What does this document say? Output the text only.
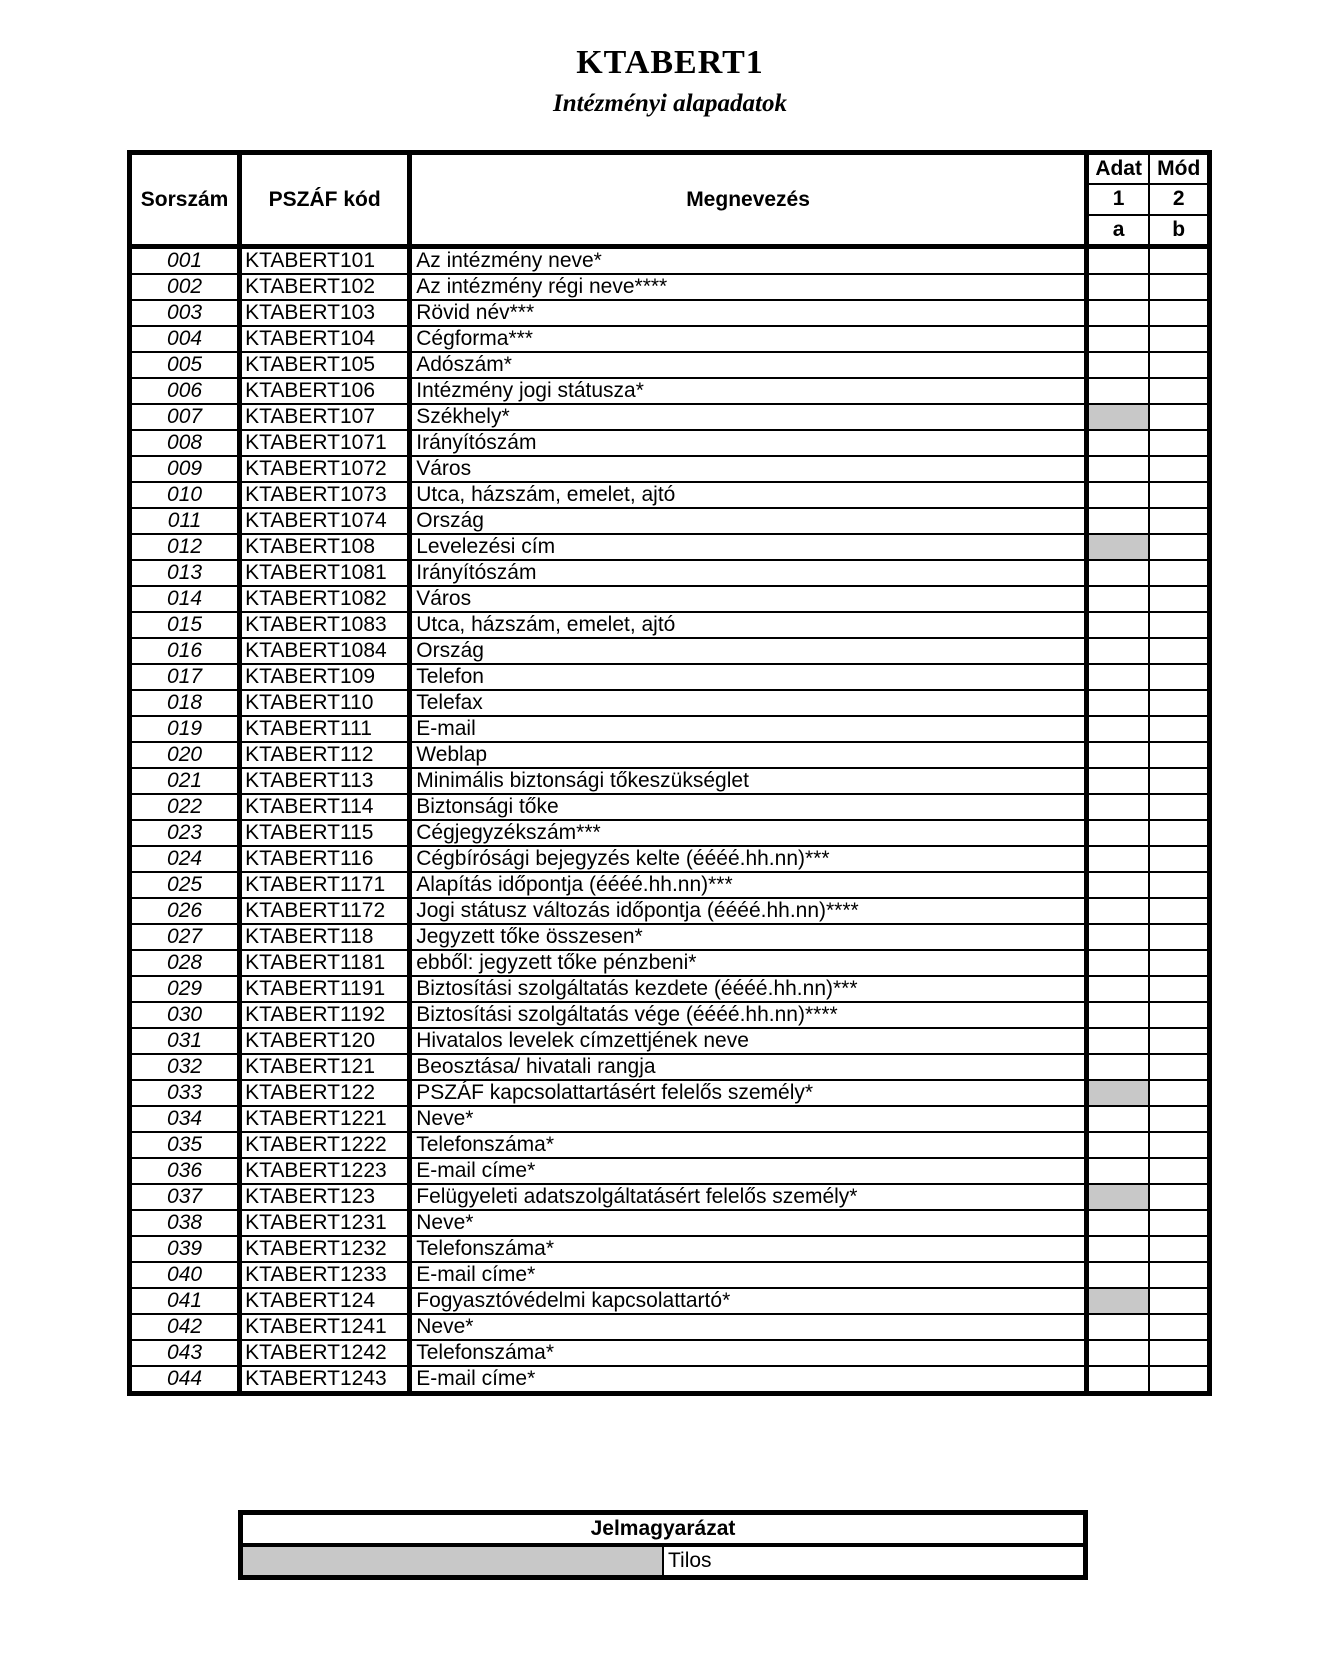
KTABERT1
Intézményi alapadatok
Sorszám	PSZÁF kód	Megnevezés	Adat	Mód
			1	2
			a	b
001	KTABERT101	Az intézmény neve*		
002	KTABERT102	Az intézmény régi neve****		
003	KTABERT103	Rövid név***		
004	KTABERT104	Cégforma***		
005	KTABERT105	Adószám*		
006	KTABERT106	Intézmény jogi státusza*		
007	KTABERT107	Székhely*		
008	KTABERT1071	Irányítószám		
009	KTABERT1072	Város		
010	KTABERT1073	Utca, házszám, emelet, ajtó		
011	KTABERT1074	Ország		
012	KTABERT108	Levelezési cím		
013	KTABERT1081	Irányítószám		
014	KTABERT1082	Város		
015	KTABERT1083	Utca, házszám, emelet, ajtó		
016	KTABERT1084	Ország		
017	KTABERT109	Telefon		
018	KTABERT110	Telefax		
019	KTABERT111	E-mail		
020	KTABERT112	Weblap		
021	KTABERT113	Minimális biztonsági tőkeszükséglet		
022	KTABERT114	Biztonsági tőke		
023	KTABERT115	Cégjegyzékszám***		
024	KTABERT116	Cégbírósági bejegyzés kelte (éééé.hh.nn)***		
025	KTABERT1171	Alapítás időpontja (éééé.hh.nn)***		
026	KTABERT1172	Jogi státusz változás időpontja (éééé.hh.nn)****		
027	KTABERT118	Jegyzett tőke összesen*		
028	KTABERT1181	ebből: jegyzett tőke pénzbeni*		
029	KTABERT1191	Biztosítási szolgáltatás kezdete (éééé.hh.nn)***		
030	KTABERT1192	Biztosítási szolgáltatás vége (éééé.hh.nn)****		
031	KTABERT120	Hivatalos levelek címzettjének neve		
032	KTABERT121	Beosztása/ hivatali rangja		
033	KTABERT122	PSZÁF kapcsolattartásért felelős személy*		
034	KTABERT1221	Neve*		
035	KTABERT1222	Telefonszáma*		
036	KTABERT1223	E-mail címe*		
037	KTABERT123	Felügyeleti adatszolgáltatásért felelős személy*		
038	KTABERT1231	Neve*		
039	KTABERT1232	Telefonszáma*		
040	KTABERT1233	E-mail címe*		
041	KTABERT124	Fogyasztóvédelmi kapcsolattartó*		
042	KTABERT1241	Neve*		
043	KTABERT1242	Telefonszáma*		
044	KTABERT1243	E-mail címe*		
Jelmagyarázat
	Tilos
